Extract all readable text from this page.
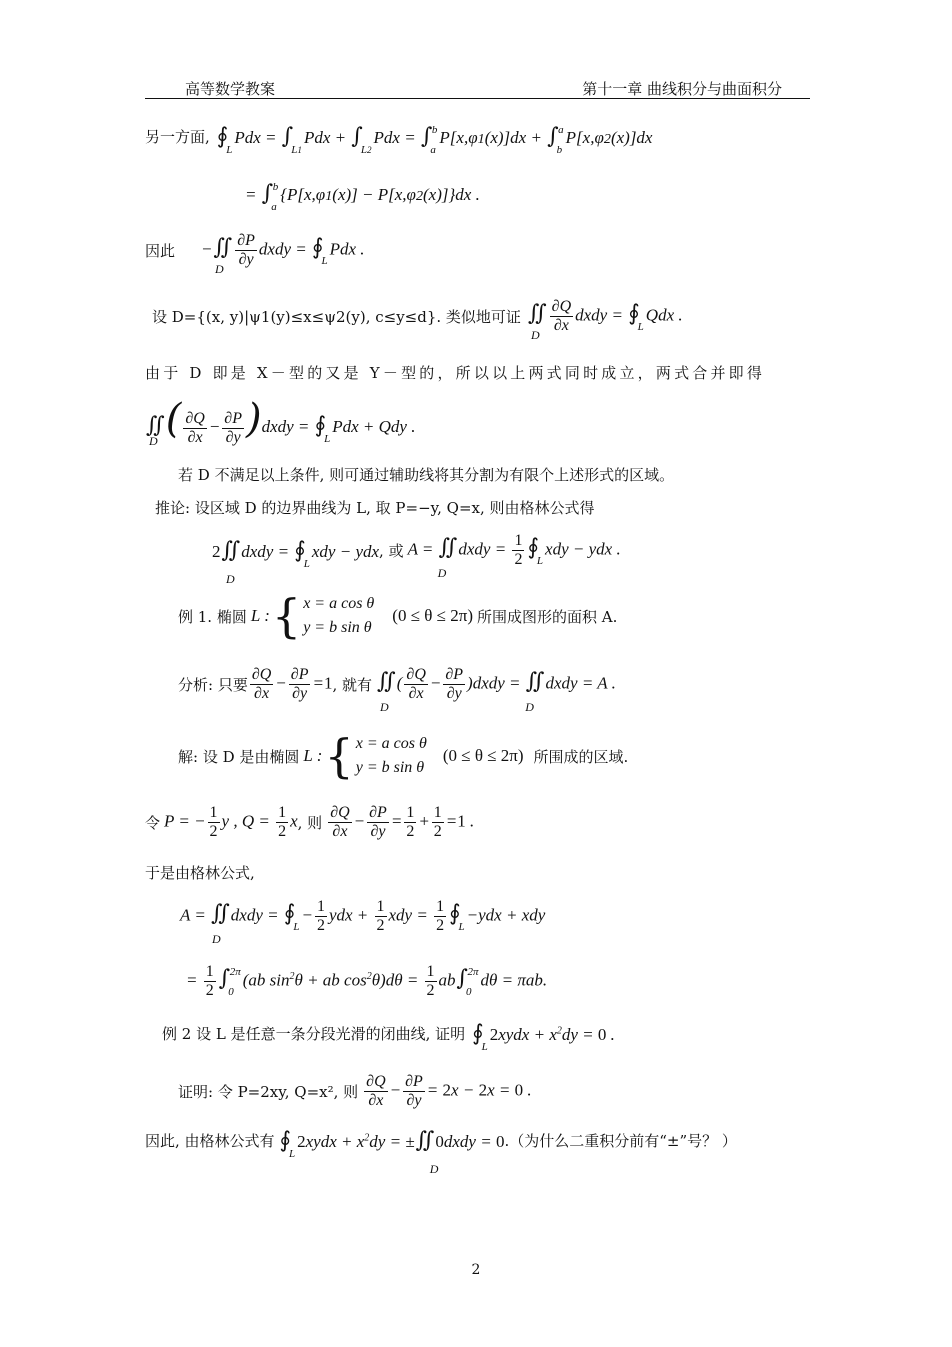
高等数学教案	第十一章 曲线积分与曲面积分
另一方面, $∮_LPdx = \int_{L1}Pdx + \int_{L2}Pdx = \int_a^b$ $P[x,\varphi 1(x)]dx + \int_b^a$ P[x,φ2(x)]dx
= $\int_a^b$ {P[x,φ1(x)] − P[x,φ2(x)]}dx .
因此 −∬
D $\frac{\partial P}{\partial y}$ dxdy = $∮_LPdx$ .
设 D={(x, y)|ψ1(y)≤x≤ψ2(y), c≤y≤d}. 类似地可证 ∬
D $\frac{\partial Q}{\partial x}$ dxdy = $∮_LQdx$ .
由于 D 即是 X－型的又是 Y－型的，所以以上两式同时成立，两式合并即得
∬
D ( $\frac{\partial Q}{\partial x} - \frac{\partial P}{\partial y}$ )dxdy = $∮_LPdx$ + Qdy .
若 D 不满足以上条件, 则可通过辅助线将其分割为有限个上述形式的区域。
推论: 设区域 D 的边界曲线为 L, 取 P=−y, Q=x, 则由格林公式得
2∬
D
dxdy = $∮_Lxdy$ − ydx , 或 A = ∬
D
dxdy = $\frac{1}{2}$ $∮_Lxdy$ − ydx .
例 1. 椭圆 L : { x = a cos θ
y = b sin θ
(0 ≤ θ ≤ 2π) 所围成图形的面积 A.
分析: 只要 $\frac{\partial Q}{\partial x} - \frac{\partial P}{\partial y} =1$ , 就有 ∬
D
( $\frac{\partial Q}{\partial x} - \frac{\partial P}{\partial y}$ )dxdy = ∬
D
dxdy = A .
解: 设 D 是由椭圆 L : { x = a cos θ
y = b sin θ
(0 ≤ θ ≤ 2π) 所围成的区域.
令 P = − $\frac{1}{2}$ y , $Q = \frac{1}{2}$ x , 则 $\frac{\partial Q}{\partial x} - \frac{\partial P}{\partial y} = \frac{1}{2} + \frac{1}{2} =1$ .
于是由格林公式,
A = ∬
D
dxdy = $∮_L- \frac{1}{2}$ ydx + $\frac{1}{2}$ xdy = $\frac{1}{2}$ $∮_L-ydx$ + xdy
= $\frac{1}{2} \int_0^{2\pi}$ (ab $\sin^2\theta$ + ab $\cos^2\theta)d\theta = \frac{1}{2} ab\int_0^{2\pi}$ dθ = πab.
例 2 设 L 是任意一条分段光滑的闭曲线, 证明 $∮_L2xydx + x^2dy = 0$ .
证明: 令 P=2xy, Q=x², 则 $\frac{\partial Q}{\partial x} - \frac{\partial P}{\partial y} = 2x - 2x = 0$ .
因此, 由格林公式有 $∮_L2xydx + x^2dy$ = ±∬
D
0dxdy = 0 .（为什么二重积分前有“±”号？ ）
2
